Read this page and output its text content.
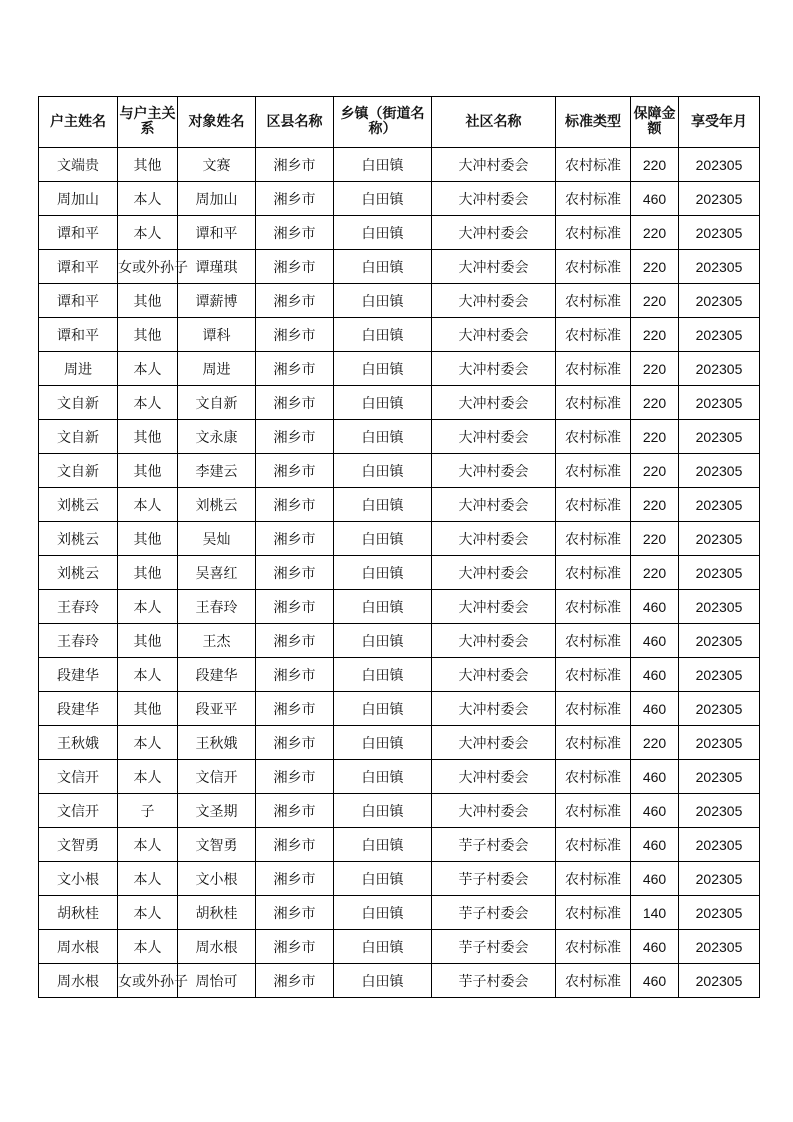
户主姓名	与户主关系	对象姓名	区县名称	乡镇（街道名称）	社区名称	标准类型	保障金额	享受年月

文端贵	其他	文赛	湘乡市	白田镇	大冲村委会	农村标准	220	202305

周加山	本人	周加山	湘乡市	白田镇	大冲村委会	农村标准	460	202305

谭和平	本人	谭和平	湘乡市	白田镇	大冲村委会	农村标准	220	202305

谭和平	女或外孙子	谭瑾琪	湘乡市	白田镇	大冲村委会	农村标准	220	202305

谭和平	其他	谭薪博	湘乡市	白田镇	大冲村委会	农村标准	220	202305

谭和平	其他	谭科	湘乡市	白田镇	大冲村委会	农村标准	220	202305

周进	本人	周进	湘乡市	白田镇	大冲村委会	农村标准	220	202305

文自新	本人	文自新	湘乡市	白田镇	大冲村委会	农村标准	220	202305

文自新	其他	文永康	湘乡市	白田镇	大冲村委会	农村标准	220	202305

文自新	其他	李建云	湘乡市	白田镇	大冲村委会	农村标准	220	202305

刘桃云	本人	刘桃云	湘乡市	白田镇	大冲村委会	农村标准	220	202305

刘桃云	其他	吴灿	湘乡市	白田镇	大冲村委会	农村标准	220	202305

刘桃云	其他	吴喜红	湘乡市	白田镇	大冲村委会	农村标准	220	202305

王春玲	本人	王春玲	湘乡市	白田镇	大冲村委会	农村标准	460	202305

王春玲	其他	王杰	湘乡市	白田镇	大冲村委会	农村标准	460	202305

段建华	本人	段建华	湘乡市	白田镇	大冲村委会	农村标准	460	202305

段建华	其他	段亚平	湘乡市	白田镇	大冲村委会	农村标准	460	202305

王秋娥	本人	王秋娥	湘乡市	白田镇	大冲村委会	农村标准	220	202305

文信开	本人	文信开	湘乡市	白田镇	大冲村委会	农村标准	460	202305

文信开	子	文圣期	湘乡市	白田镇	大冲村委会	农村标准	460	202305

文智勇	本人	文智勇	湘乡市	白田镇	芋子村委会	农村标准	460	202305

文小根	本人	文小根	湘乡市	白田镇	芋子村委会	农村标准	460	202305

胡秋桂	本人	胡秋桂	湘乡市	白田镇	芋子村委会	农村标准	140	202305

周水根	本人	周水根	湘乡市	白田镇	芋子村委会	农村标准	460	202305

周水根	女或外孙子	周怡可	湘乡市	白田镇	芋子村委会	农村标准	460	202305
